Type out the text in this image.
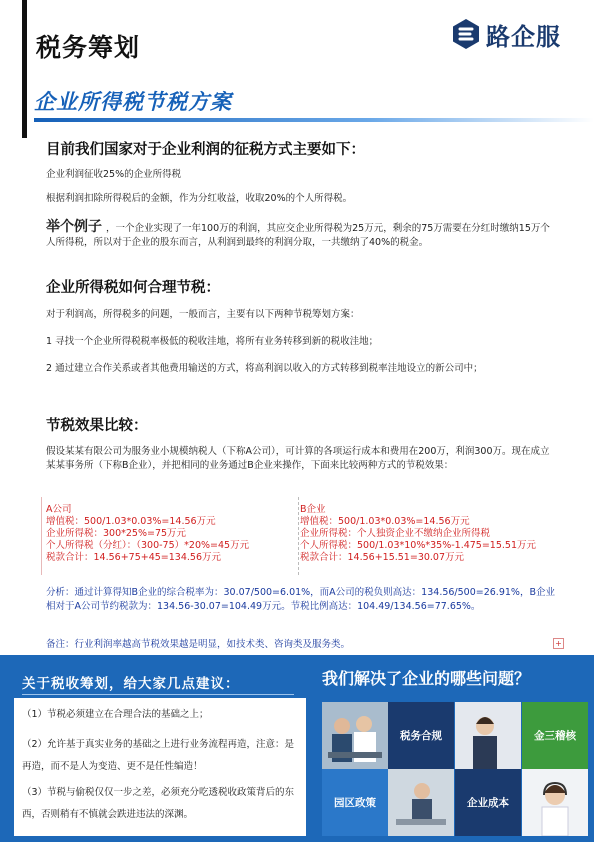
税务筹划	路企服
企业所得税节税方案
目前我们国家对于企业利润的征税方式主要如下：
企业利润征收25%的企业所得税
根据利润扣除所得税后的金额，作为分红收益，收取20%的个人所得税。
举个例子 ，一个企业实现了一年100万的利润，其应交企业所得税为25万元，剩余的75万需要在分红时缴纳15万个人所得税，所以对于企业的股东而言，从利润到最终的利润分取，一共缴纳了40%的税金。
企业所得税如何合理节税：
对于利润高，所得税多的问题，一般而言，主要有以下两种节税筹划方案：
1 寻找一个企业所得税税率极低的税收洼地，将所有业务转移到新的税收洼地；
2 通过建立合作关系或者其他费用输送的方式，将高利润以收入的方式转移到税率洼地设立的新公司中；
节税效果比较：
假设某某有限公司为服务业小规模纳税人（下称A公司），可计算的各项运行成本和费用在200万，利润300万。现在成立某某事务所（下称B企业），并把相同的业务通过B企业来操作，下面来比较两种方式的节税效果：
A公司
增值税：500/1.03*0.03%=14.56万元
企业所得税：300*25%=75万元
个人所得税（分红）：（300-75）*20%=45万元
税款合计：14.56+75+45=134.56万元
B企业
增值税：500/1.03*0.03%=14.56万元
企业所得税：个人独资企业不缴纳企业所得税
个人所得税：500/1.03*10%*35%-1.475=15.51万元
税款合计：14.56+15.51=30.07万元
分析：通过计算得知B企业的综合税率为：30.07/500=6.01%，而A公司的税负则高达：134.56/500=26.91%，B企业相对于A公司节约税款为：134.56-30.07=104.49万元。节税比例高达：104.49/134.56=77.65%。
备注：行业利润率越高节税效果越是明显，如技术类、咨询类及服务类。	+
关于税收筹划，给大家几点建议：
（1）节税必须建立在合理合法的基础之上；
（2）允许基于真实业务的基础之上进行业务流程再造，注意：是再造，而不是人为变造、更不是任性编造！
（3）节税与偷税仅仅一步之差，必须充分吃透税收政策背后的东西，否则稍有不慎就会跌进违法的深渊。
我们解决了企业的哪些问题？
税务合规	金三稽核
园区政策	企业成本
